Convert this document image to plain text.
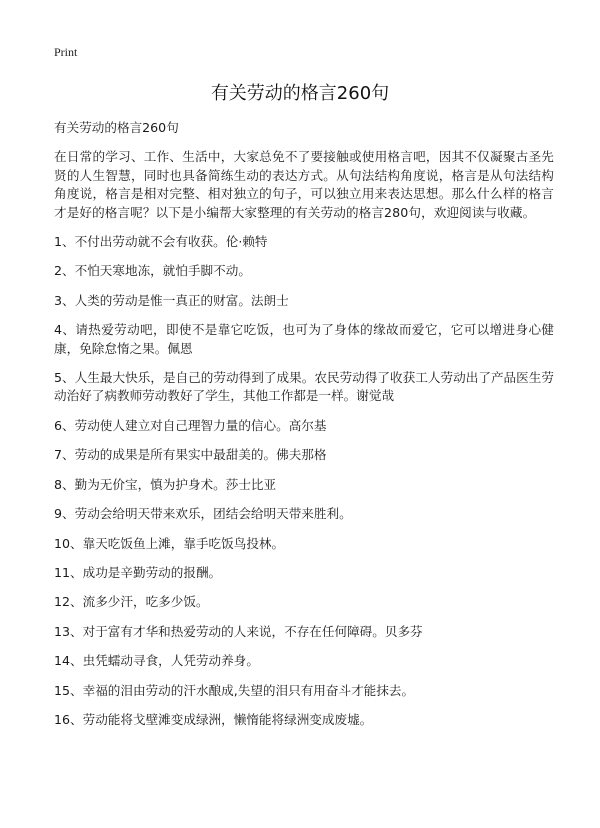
Print
有关劳动的格言260句

有关劳动的格言260句

在日常的学习、工作、生活中，大家总免不了要接触或使用格言吧，因其不仅凝聚古圣先贤的人生智慧，同时也具备简练生动的表达方式。从句法结构角度说，格言是从句法结构角度说，格言是相对完整、相对独立的句子，可以独立用来表达思想。那么什么样的格言才是好的格言呢？以下是小编帮大家整理的有关劳动的格言280句，欢迎阅读与收藏。

1、不付出劳动就不会有收获。伦·赖特
2、不怕天寒地冻，就怕手脚不动。
3、人类的劳动是惟一真正的财富。法朗士
4、请热爱劳动吧，即使不是靠它吃饭，也可为了身体的缘故而爱它，它可以增进身心健康，免除怠惰之果。佩恩
5、人生最大快乐，是自己的劳动得到了成果。农民劳动得了收获工人劳动出了产品医生劳动治好了病教师劳动教好了学生，其他工作都是一样。谢觉哉
6、劳动使人建立对自己理智力量的信心。高尔基
7、劳动的成果是所有果实中最甜美的。佛夫那格
8、勤为无价宝，慎为护身术。莎士比亚
9、劳动会给明天带来欢乐，团结会给明天带来胜利。
10、靠天吃饭鱼上滩，靠手吃饭鸟投林。
11、成功是辛勤劳动的报酬。
12、流多少汗，吃多少饭。
13、对于富有才华和热爱劳动的人来说，不存在任何障碍。贝多芬
14、虫凭蠕动寻食，人凭劳动养身。
15、幸福的泪由劳动的汗水酿成,失望的泪只有用奋斗才能抹去。
16、劳动能将戈壁滩变成绿洲，懒惰能将绿洲变成废墟。
